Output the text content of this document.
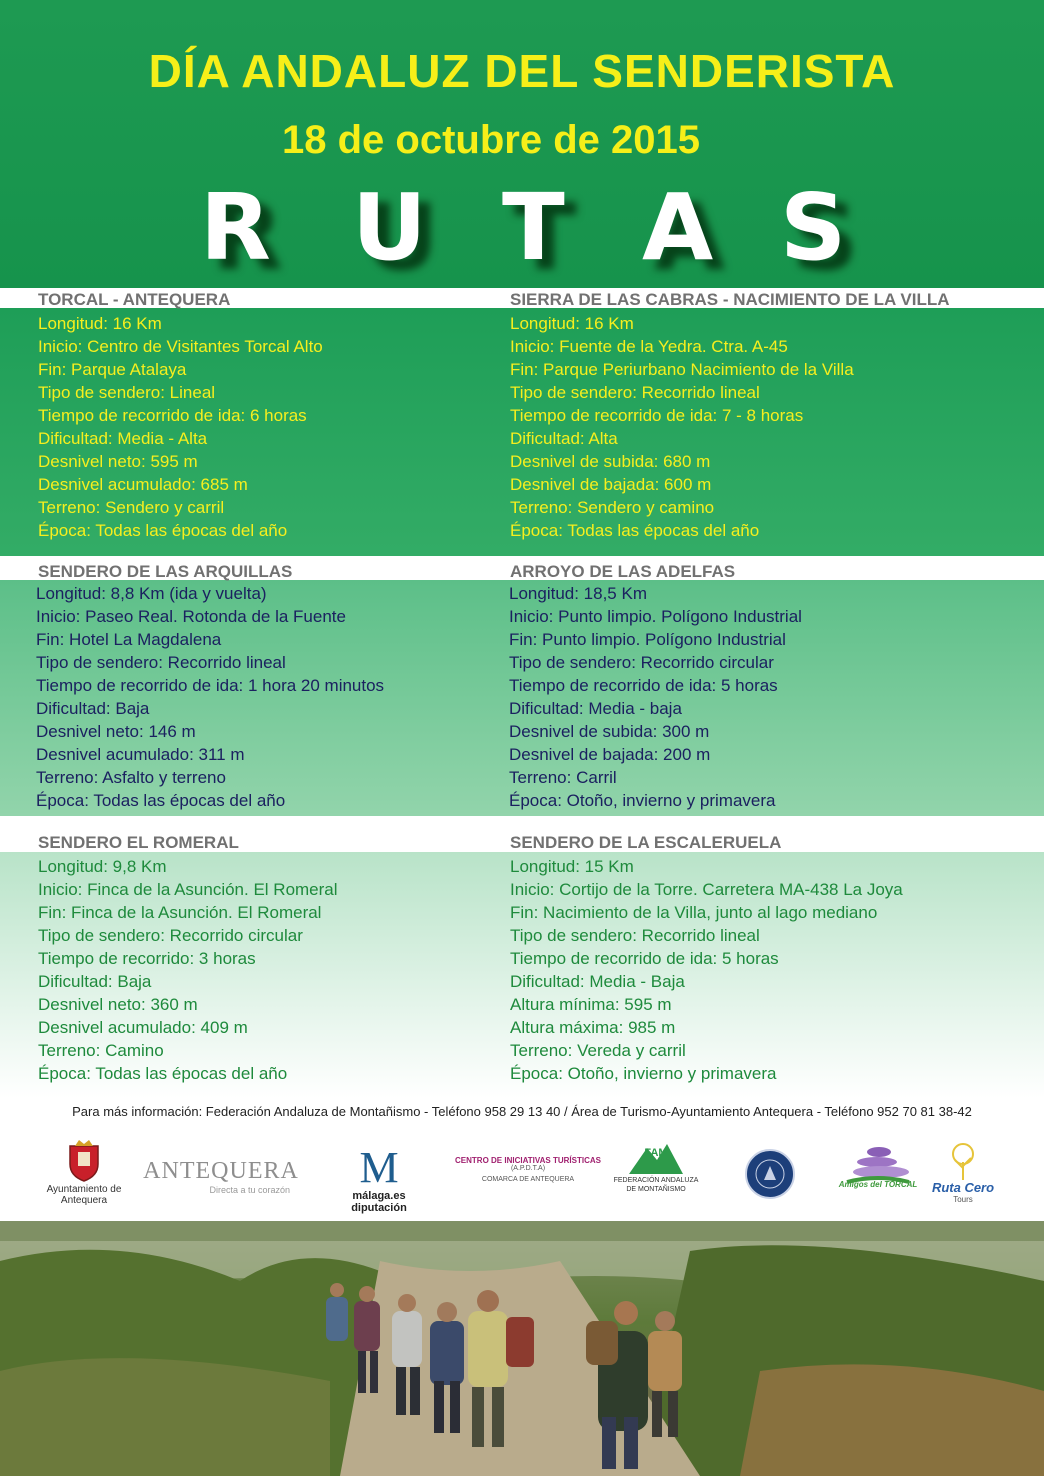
DÍA ANDALUZ DEL SENDERISTA
18 de octubre de 2015
R U T A S
TORCAL - ANTEQUERA
Longitud: 16 Km
Inicio: Centro de Visitantes Torcal Alto
Fin: Parque Atalaya
Tipo de sendero: Lineal
Tiempo de recorrido de ida: 6 horas
Dificultad: Media - Alta
Desnivel neto: 595 m
Desnivel acumulado: 685 m
Terreno: Sendero y carril
Época: Todas las épocas del año
SIERRA DE LAS CABRAS - NACIMIENTO DE LA VILLA
Longitud: 16 Km
Inicio: Fuente de la Yedra. Ctra. A-45
Fin: Parque Periurbano Nacimiento de la Villa
Tipo de sendero: Recorrido lineal
Tiempo de recorrido de ida: 7 - 8 horas
Dificultad: Alta
Desnivel de subida: 680 m
Desnivel de bajada: 600 m
Terreno: Sendero y camino
Época: Todas las épocas del año
SENDERO DE LAS ARQUILLAS
Longitud: 8,8 Km (ida y vuelta)
Inicio: Paseo Real. Rotonda de la Fuente
Fin: Hotel La Magdalena
Tipo de sendero: Recorrido lineal
Tiempo de recorrido de ida: 1 hora 20 minutos
Dificultad: Baja
Desnivel neto: 146 m
Desnivel acumulado: 311 m
Terreno: Asfalto y terreno
Época: Todas las épocas del año
ARROYO DE LAS ADELFAS
Longitud: 18,5 Km
Inicio: Punto limpio. Polígono Industrial
Fin: Punto limpio. Polígono Industrial
Tipo de sendero: Recorrido circular
Tiempo de recorrido de ida: 5 horas
Dificultad: Media - baja
Desnivel de subida: 300 m
Desnivel de bajada: 200 m
Terreno: Carril
Época: Otoño, invierno y primavera
SENDERO EL ROMERAL
Longitud: 9,8 Km
Inicio: Finca de la Asunción. El Romeral
Fin: Finca de la Asunción. El Romeral
Tipo de sendero: Recorrido circular
Tiempo de recorrido: 3 horas
Dificultad: Baja
Desnivel neto: 360 m
Desnivel acumulado: 409 m
Terreno: Camino
Época: Todas las épocas del año
SENDERO DE LA ESCALERUELA
Longitud: 15 Km
Inicio: Cortijo de la Torre. Carretera MA-438 La Joya
Fin: Nacimiento de la Villa, junto al lago mediano
Tipo de sendero: Recorrido lineal
Tiempo de recorrido de ida: 5 horas
Dificultad: Media - Baja
Altura mínima: 595 m
Altura máxima: 985 m
Terreno: Vereda y carril
Época: Otoño, invierno y primavera
Para más información: Federación Andaluza de Montañismo - Teléfono 958 29 13 40 / Área de Turismo-Ayuntamiento Antequera - Teléfono 952 70 81 38-42
Ayuntamiento de Antequera
ANTEQUERA
Directa a tu corazón	M
málaga.es diputación
CENTRO DE INICIATIVAS TURÍSTICAS
(A.P.D.T.A)
COMARCA DE ANTEQUERA
FAM
FEDERACIÓN ANDALUZA DE MONTAÑISMO
Amigos del TORCAL Ruta Cero
Tours
